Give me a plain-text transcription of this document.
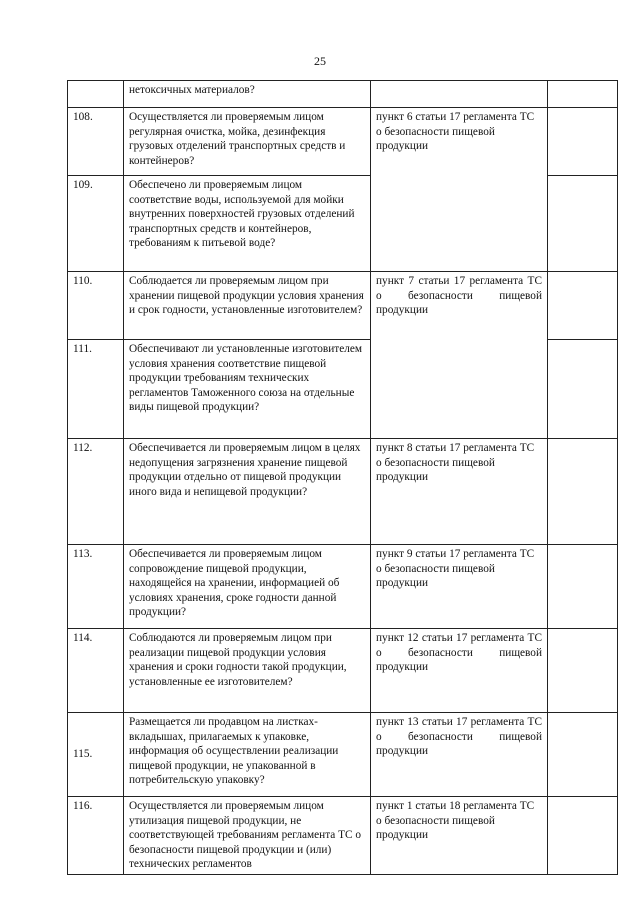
25
	нетоксичных материалов?		
108.	Осуществляется ли проверяемым лицом регулярная очистка, мойка, дезинфекция грузовых отделений транспортных средств и контейнеров?	пункт 6 статьи 17 регламента ТС о безопасности пищевой продукции	
109.	Обеспечено ли проверяемым лицом соответствие воды, используемой для мойки внутренних поверхностей грузовых отделений транспортных средств и контейнеров, требованиям к питьевой воде?		
110.	Соблюдается ли проверяемым лицом при хранении пищевой продукции условия хранения и срок годности, установленные изготовителем?	пункт 7 статьи 17 регламента ТС о безопасности пищевой продукции	
111.	Обеспечивают ли установленные изготовителем условия хранения соответствие пищевой продукции требованиям технических регламентов Таможенного союза на отдельные виды пищевой продукции?		
112.	Обеспечивается ли проверяемым лицом в целях недопущения загрязнения хранение пищевой продукции отдельно от пищевой продукции иного вида и непищевой продукции?	пункт 8 статьи 17 регламента ТС о безопасности пищевой продукции	
113.	Обеспечивается ли проверяемым лицом сопровождение пищевой продукции, находящейся на хранении, информацией об условиях хранения, сроке годности данной продукции?	пункт 9 статьи 17 регламента ТС о безопасности пищевой продукции	
114.	Соблюдаются ли проверяемым лицом при реализации пищевой продукции условия хранения и сроки годности такой продукции, установленные ее изготовителем?	пункт 12 статьи 17 регламента ТС о безопасности пищевой продукции	
115.	Размещается ли продавцом на листках-вкладышах, прилагаемых к упаковке, информация об осуществлении реализации пищевой продукции, не упакованной в потребительскую упаковку?	пункт 13 статьи 17 регламента ТС о безопасности пищевой продукции	
116.	Осуществляется ли проверяемым лицом утилизация пищевой продукции, не соответствующей требованиям регламента ТС о безопасности пищевой продукции и (или) технических регламентов	пункт 1 статьи 18 регламента ТС о безопасности пищевой продукции	
